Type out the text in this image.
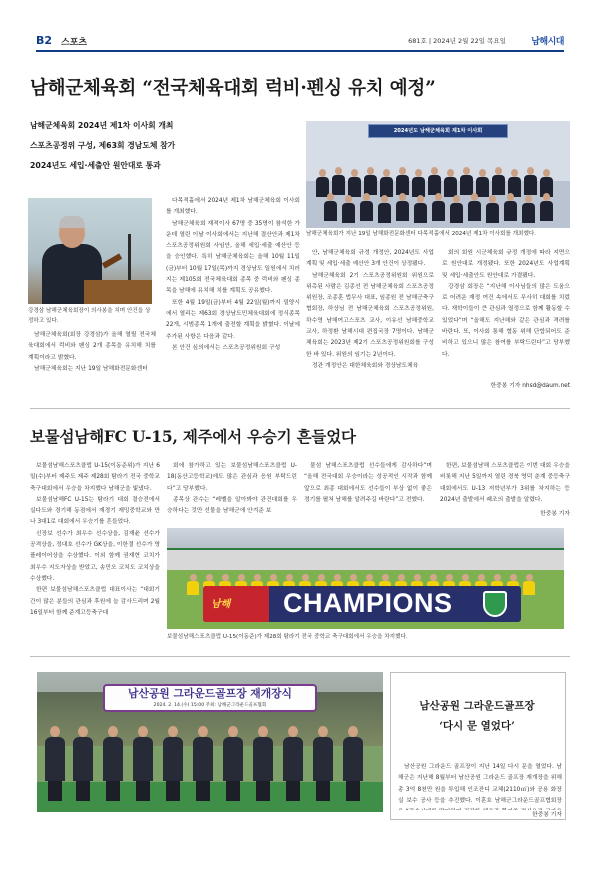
B2 스포츠	681호 | 2024년 2월 22일 목요일	남해시대
남해군체육회 “전국체육대회 럭비·펜싱 유치 예정”
남해군체육회 2024년 제1차 이사회 개최
스포츠공정위 구성, 제63회 경남도체 참가
2024년도 세입·세출안 원안대로 통과
강경삼 남해군체육회장이 의사봉을 치며 안건을 상정하고 있다.

남해군체육회(회장 강경삼)가 올해 열릴 전국체육대회에서 럭비와 펜싱 2개 종목을 유치해 치를 계획이라고 밝혔다.

남해군체육회는 지난 19일 남해화전문화센터

다목적홀에서 2024년 제1차 남해군체육회 이사회를 개최했다.

남해군체육회 재적이사 67명 중 35명이 참석한 가운데 열린 이날 이사회에서는 지난해 결산안과 제1차 스포츠공정위원회 사임안, 올해 세입·세출 예산안 등을 승인했다. 특히 남해군체육회는 올해 10월 11일(금)부터 10월 17일(목)까지 경상남도 일원에서 치러지는 제105회 전국체육대회 종목 중 럭비와 펜싱 종목을 남해에 유치해 치를 계획도 공유했다.

또한 4월 19일(금)부터 4월 22일(월)까지 밀양시에서 열리는 제63회 경상남도민체육대회에 정식종목 22개, 시범종목 1개에 출전할 계획을 밝혔다. 이날에 추가된 사항은 다음과 같다.

본 안건 심의에서는 스포츠공정위원회 구성

2024년도 남해군체육회 제1차 이사회
남해군체육회가 지난 19일 남해화전문화센터 다목적홀에서 2024년 제1차 이사회를 개최했다.

안, 남해군체육회 규정 개정안, 2024년도 사업계획 및 세입·세출 예산안 3개 안건이 상정됐다.

남해군체육회 2기 스포츠공정위원회 위원으로 위촉된 사람은 김종선 전 남해군체육회 스포츠공정위원장, 조종훈 법무사 대표, 임종원 전 남해군축구협회장, 하상님 전 남해군체육회 스포츠공정위원, 하수영 남해여고스포츠 교사, 이유선 남해중학교 교사, 하정환 남해시대 편집국장 7명이다. 남해군체육회는 2023년 제2기 스포츠공정위원회를 구성한 바 있다. 위원의 임기는 2년이다.

정관 개정안은 대한체육회와 경상남도체육

회의 회원 시군체육회 규정 개정에 따라 지면으로 원안대로 개정됐다. 또한 2024년도 사업계획 및 세입·세출안도 원안대로 가결됐다.

강경삼 회장은 “지난해 이사님들의 많은 도움으로 어려운 재정 여건 속에서도 무사히 대회를 치렀다. 재학이들이 큰 관심과 열정으로 함께 활동할 수 있었다”며 “올해도 지난해와 같은 관심과 격려를 바란다. 또, 이사회 통해 협동 위해 단합되어도 준비하고 있으니 많은 참여를 부탁드린다”고 당부했다.

한중봉 기자 nhsd@daum.net
보물섬남해FC U-15, 제주에서 우승기 흔들었다

보물섬남해스포츠클럽 U-15(이동준위)가 지난 6일(수)부터 제주도 제주 제28회 탐라기 전국 중학교 축구대회에서 우승을 차지했다 남해군을 빛냈다.

보물섬남해FC U-15는 탐라기 대회 결승전에서 실다도와 경기해 동점에서 재경기 재밍중학교와 만나 3대1로 대회에서 우승기를 흔들었다.

신장보 선수가 최우수 선수상을, 김재윤 선수가 공격상을, 정대호 선수가 GK상을, 이한결 선수가 영플레이어상을 수상했다. 이외 함께 권재현 코치가 최우수 지도자상을 받았고, 송민오 코치도 코치상을 수상했다.

한편 보물섬남해스포츠클럽 대표이사는 “대회기간이 많은 분들의 관심과 후원에 늘 감사드리며 2월 16일부터 함께 준계고등축구대

회에 참가하고 있는 보물섬남해스포츠클럽 U-18(동산고등학교)에도 많은 관심과 응원 부탁드린다”고 당부했다.

종목상 관수는 “레벨을 알아봐야 관건대회를 우승하다는 것만 선물을 남해군에 안겨준 보

물섬 남해스포츠클럽 선수들에게 감사하다”며 “올해 전국대회 우승이라는 성공적인 시작과 함께 앞으로 최종 대회에서도 선수들이 부상 없이 좋은 경기를 펼쳐 남해를 알려주길 바란다”고 전했다.

한편, 보물섬남해 스포츠클럽은 이번 대회 우승을 비롯해 지난 5일까지 열린 경북 영덕 춘계 중등축구대회에서도 U-13 저학년부가 3위를 차지하는 등 2024년 출발에서 쾌조의 출발을 알렸다.

한중봉 기자
남해 CHAMPIONS
보물섬남해스포츠클럽 U-15(이동준)가 제28회 탐라기 전국 중학교 축구대회에서 우승을 차지했다.
남산공원 그라운드골프장 재개장식
2024. 2. 14.(수) 15:00 주최: 남해군그라운드골프협회	남산공원 그라운드골프장
‘다시 문 열었다’

남산공원 그라운드 골프장이 지난 14일 다시 문을 열었다. 남해군은 지난해 8월부터 남산공원 그라운드 골프장 재개장을 위해 총 3억 8천만 원을 투입해 인조잔디 교체(2110㎡)와 공용 화장실 보수 공사 등을 추진했다. 이훈호 남해군그라운드골프협회장

한중봉 기자
